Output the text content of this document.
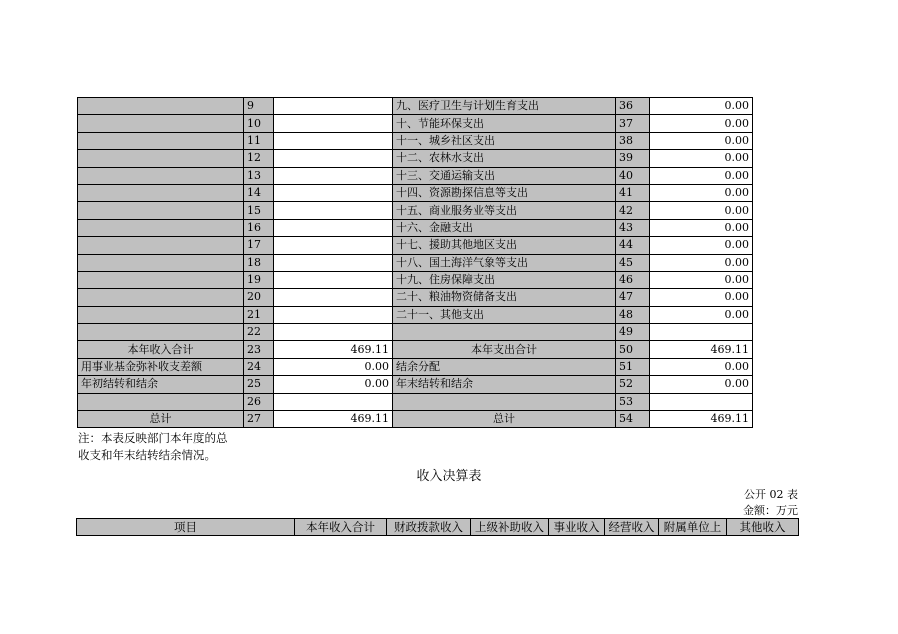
	9		九、医疗卫生与计划生育支出	36	0.00
	10		十、节能环保支出	37	0.00
	11		十一、城乡社区支出	38	0.00
	12		十二、农林水支出	39	0.00
	13		十三、交通运输支出	40	0.00
	14		十四、资源勘探信息等支出	41	0.00
	15		十五、商业服务业等支出	42	0.00
	16		十六、金融支出	43	0.00
	17		十七、援助其他地区支出	44	0.00
	18		十八、国土海洋气象等支出	45	0.00
	19		十九、住房保障支出	46	0.00
	20		二十、粮油物资储备支出	47	0.00
	21		二十一、其他支出	48	0.00
	22			49	
本年收入合计	23	469.11	本年支出合计	50	469.11
用事业基金弥补收支差额	24	0.00	结余分配	51	0.00
年初结转和结余	25	0.00	年末结转和结余	52	0.00
	26			53	
总计	27	469.11	总计	54	469.11
注：本表反映部门本年度的总
收支和年末结转结余情况。
收入决算表
公开 02 表
金额：万元
项目	本年收入合计	财政拨款收入	上级补助收入	事业收入	经营收入	附属单位上	其他收入
